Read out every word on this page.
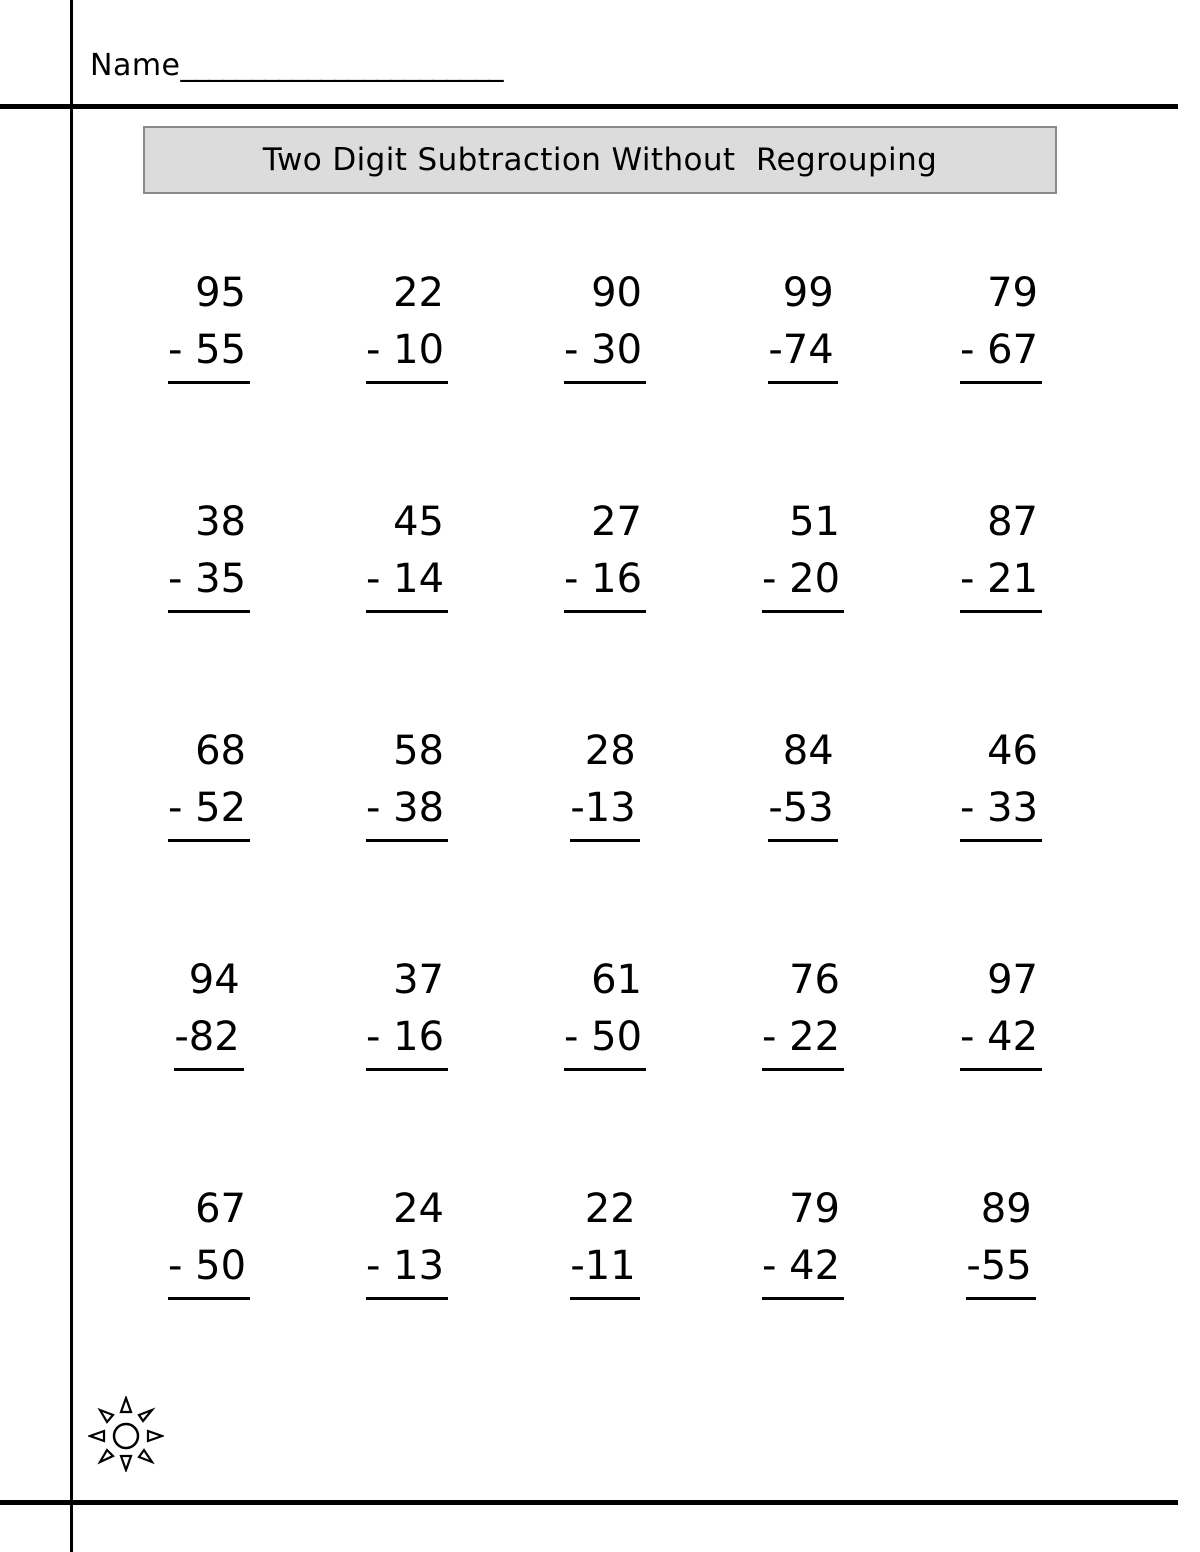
Name_______________________
Two Digit Subtraction Without  Regrouping
95
- 55
22
- 10
90
- 30
99
-74
79
- 67
38
- 35
45
- 14
27
- 16
51
- 20
87
- 21
68
- 52
58
- 38
28
-13
84
-53
46
- 33
94
-82
37
- 16
61
- 50
76
- 22
97
- 42
67
- 50
24
- 13
22
-11
79
- 42
89
-55
